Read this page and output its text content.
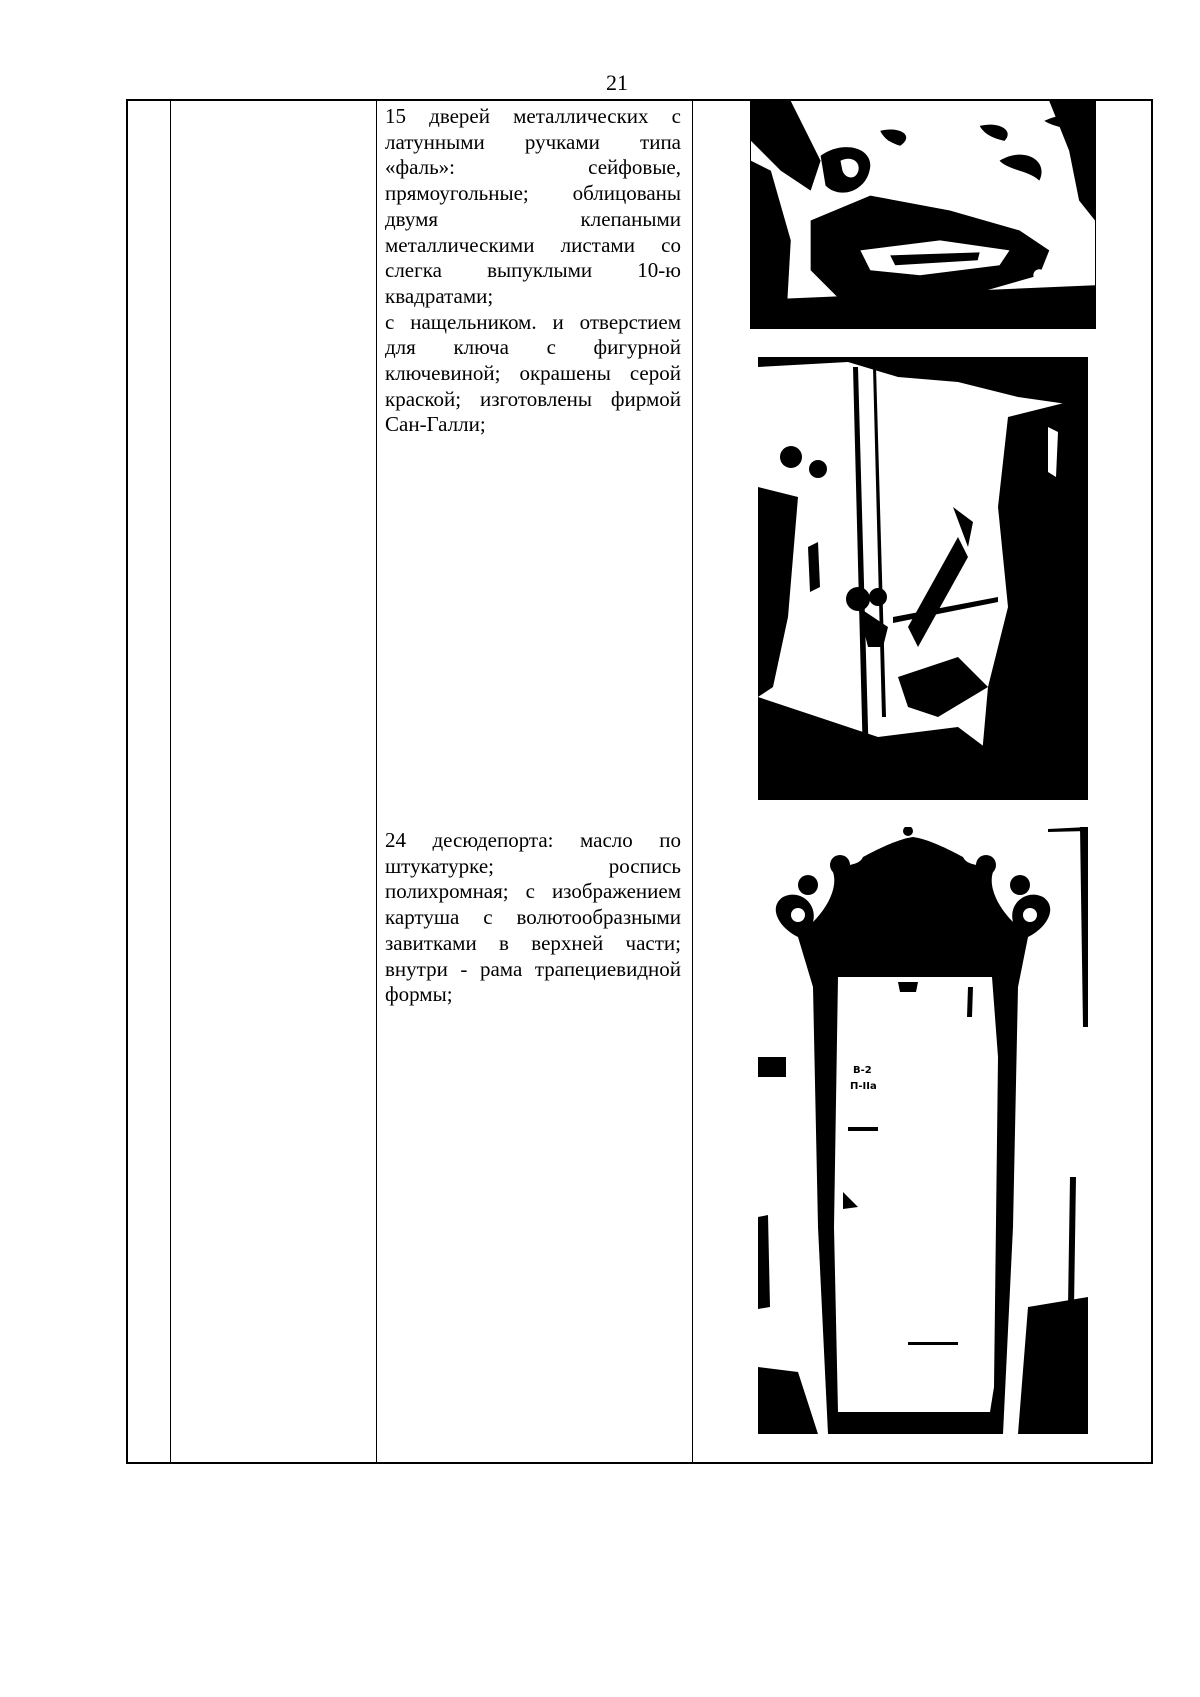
21

15 дверей металлических с латунными ручками типа «фаль»: сейфовые, прямоугольные; облицованы двумя клепаными металлическими листами со слегка выпуклыми 10-ю квадратами;

с нащельником. и отверстием для ключа с фигурной ключевиной; окрашены серой краской; изготовлены фирмой Сан-Галли;

24 десюдепорта: масло по штукатурке; роспись полихромная; с изображением картуша с волютообразными завитками в верхней части; внутри - рама трапециевидной формы;

В-2
П-IIa
